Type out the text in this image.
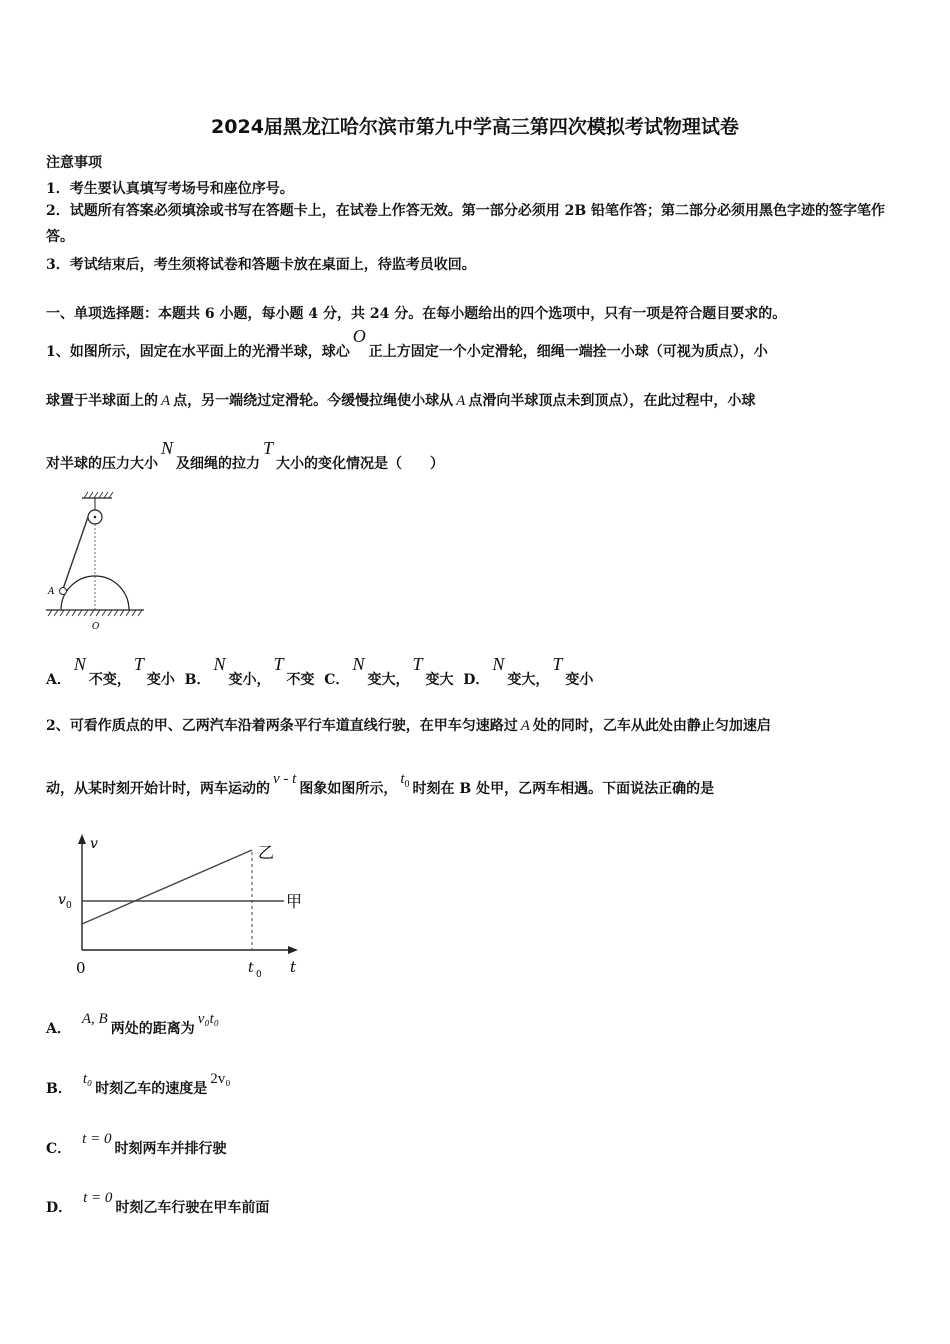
2024届黑龙江哈尔滨市第九中学高三第四次模拟考试物理试卷
注意事项
1．考生要认真填写考场号和座位序号。
2．试题所有答案必须填涂或书写在答题卡上，在试卷上作答无效。第一部分必须用 2B 铅笔作答；第二部分必须用黑色字迹的签字笔作答。
3．考试结束后，考生须将试卷和答题卡放在桌面上，待监考员收回。
一、单项选择题：本题共 6 小题，每小题 4 分，共 24 分。在每小题给出的四个选项中，只有一项是符合题目要求的。
1、如图所示，固定在水平面上的光滑半球，球心O正上方固定一个小定滑轮，细绳一端拴一小球（可视为质点），小
球置于半球面上的 A 点，另一端绕过定滑轮。今缓慢拉绳使小球从 A 点滑向半球顶点未到顶点），在此过程中，小球
对半球的压力大小N及细绳的拉力T大小的变化情况是（　　）
A
O
A．N不变，T变小 B．N变小，T不变 C．N变大，T变大 D．N变大，T变小
2、可看作质点的甲、乙两汽车沿着两条平行车道直线行驶，在甲车匀速路过 A 处的同时，乙车从此处由静止匀加速启
动，从某时刻开始计时，两车运动的v - t图象如图所示，$t_0$ 时刻在 B 处甲，乙两车相遇。下面说法正确的是
v
t
0
v 0
t 0
乙
甲
A．A, B两处的距离为v₀t₀
B．t₀时刻乙车的速度是2v₀
C．t = 0时刻两车并排行驶
D．t = 0时刻乙车行驶在甲车前面
